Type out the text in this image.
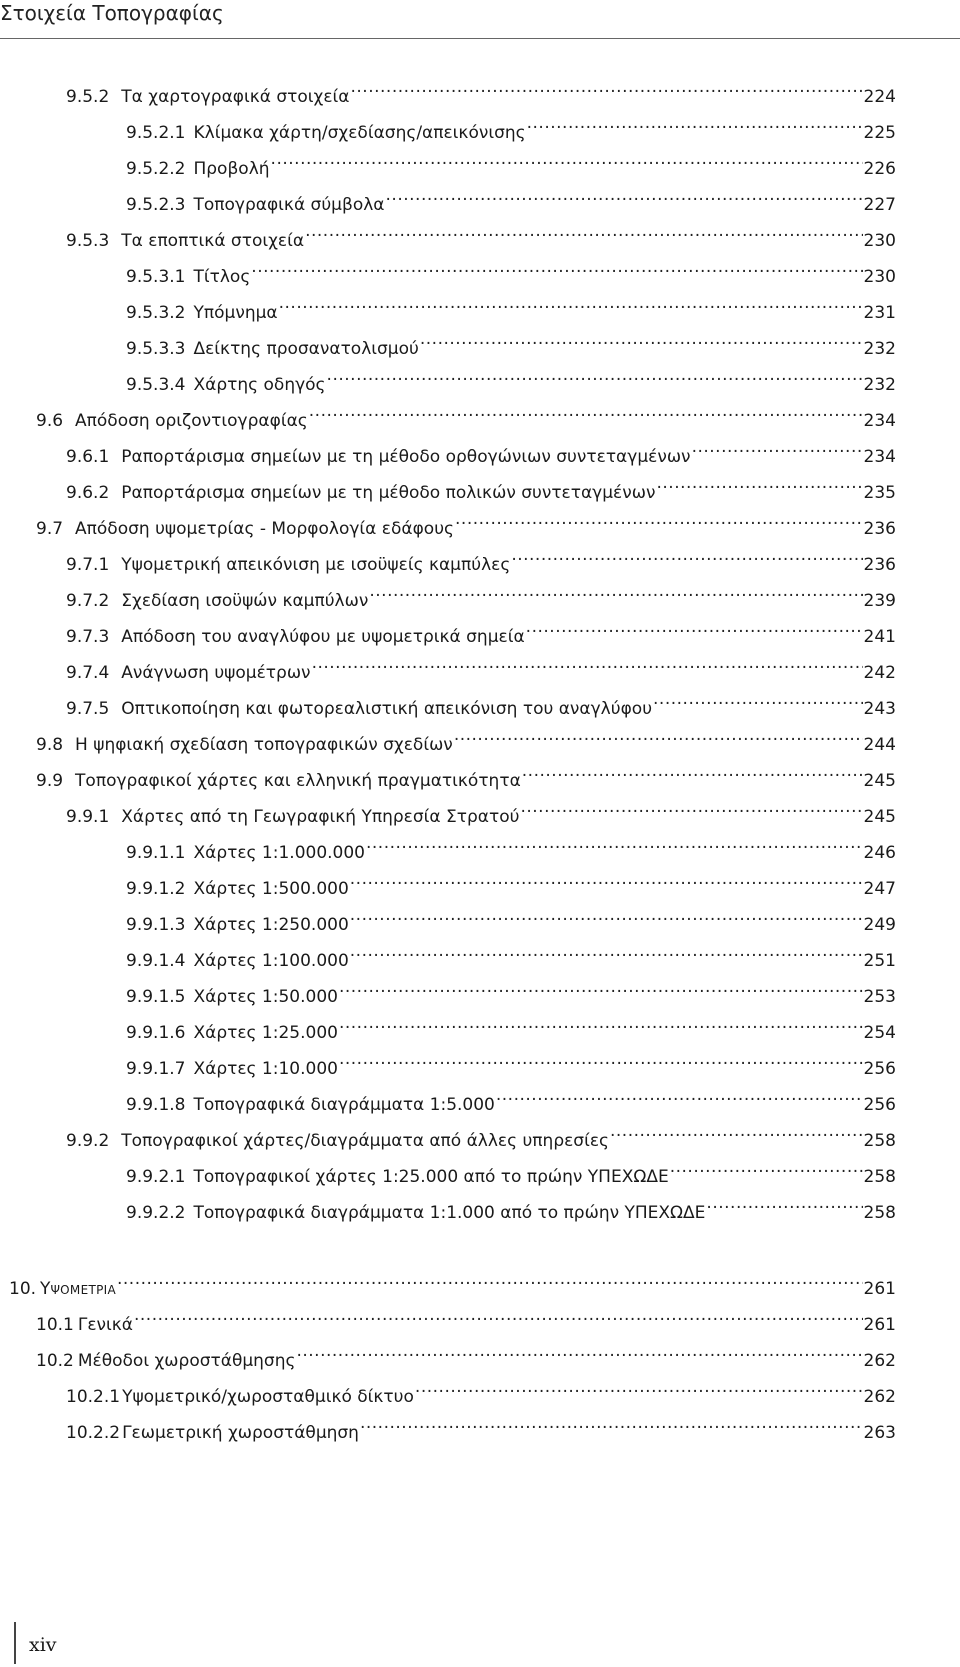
Στοιχεία Τοπογραφίας
9.5.2 Τα χαρτογραφικά στοιχεία .....	224
9.5.2.1 Κλίμακα χάρτη/σχεδίασης/απεικόνισης .....	225
9.5.2.2 Προβολή .....	226
9.5.2.3 Τοπογραφικά σύμβολα .....	227
9.5.3 Τα εποπτικά στοιχεία .....	230
9.5.3.1 Τίτλος .....	230
9.5.3.2 Υπόμνημα .....	231
9.5.3.3 Δείκτης προσανατολισμού .....	232
9.5.3.4 Χάρτης οδηγός .....	232
9.6 Απόδοση οριζοντιογραφίας .....	234
9.6.1 Ραπορτάρισμα σημείων με τη μέθοδο ορθογώνιων συντεταγμένων .....	234
9.6.2 Ραπορτάρισμα σημείων με τη μέθοδο πολικών συντεταγμένων .....	235
9.7 Απόδοση υψομετρίας - Μορφολογία εδάφους .....	236
9.7.1 Υψομετρική απεικόνιση με ισοϋψείς καμπύλες .....	236
9.7.2 Σχεδίαση ισοϋψών καμπύλων .....	239
9.7.3 Απόδοση του αναγλύφου με υψομετρικά σημεία .....	241
9.7.4 Ανάγνωση υψομέτρων .....	242
9.7.5 Οπτικοποίηση και φωτορεαλιστική απεικόνιση του αναγλύφου .....	243
9.8 Η ψηφιακή σχεδίαση τοπογραφικών σχεδίων .....	244
9.9 Τοπογραφικοί χάρτες και ελληνική πραγματικότητα .....	245
9.9.1 Χάρτες από τη Γεωγραφική Υπηρεσία Στρατού .....	245
9.9.1.1 Χάρτες 1:1.000.000 .....	246
9.9.1.2 Χάρτες 1:500.000 .....	247
9.9.1.3 Χάρτες 1:250.000 .....	249
9.9.1.4 Χάρτες 1:100.000 .....	251
9.9.1.5 Χάρτες 1:50.000 .....	253
9.9.1.6 Χάρτες 1:25.000 .....	254
9.9.1.7 Χάρτες 1:10.000 .....	256
9.9.1.8 Τοπογραφικά διαγράμματα 1:5.000 .....	256
9.9.2 Τοπογραφικοί χάρτες/διαγράμματα από άλλες υπηρεσίες .....	258
9.9.2.1 Τοπογραφικοί χάρτες 1:25.000 από το πρώην ΥΠΕΧΩΔΕ .....	258
9.9.2.2 Τοπογραφικά διαγράμματα 1:1.000 από το πρώην ΥΠΕΧΩΔΕ .....	258
10. ΥΨΟΜΕΤΡΙΑ .....	261
10.1 Γενικά .....	261
10.2 Μέθοδοι χωροστάθμησης .....	262
10.2.1 Υψομετρικό/χωροσταθμικό δίκτυο .....	262
10.2.2 Γεωμετρική χωροστάθμηση .....	263
xiv
